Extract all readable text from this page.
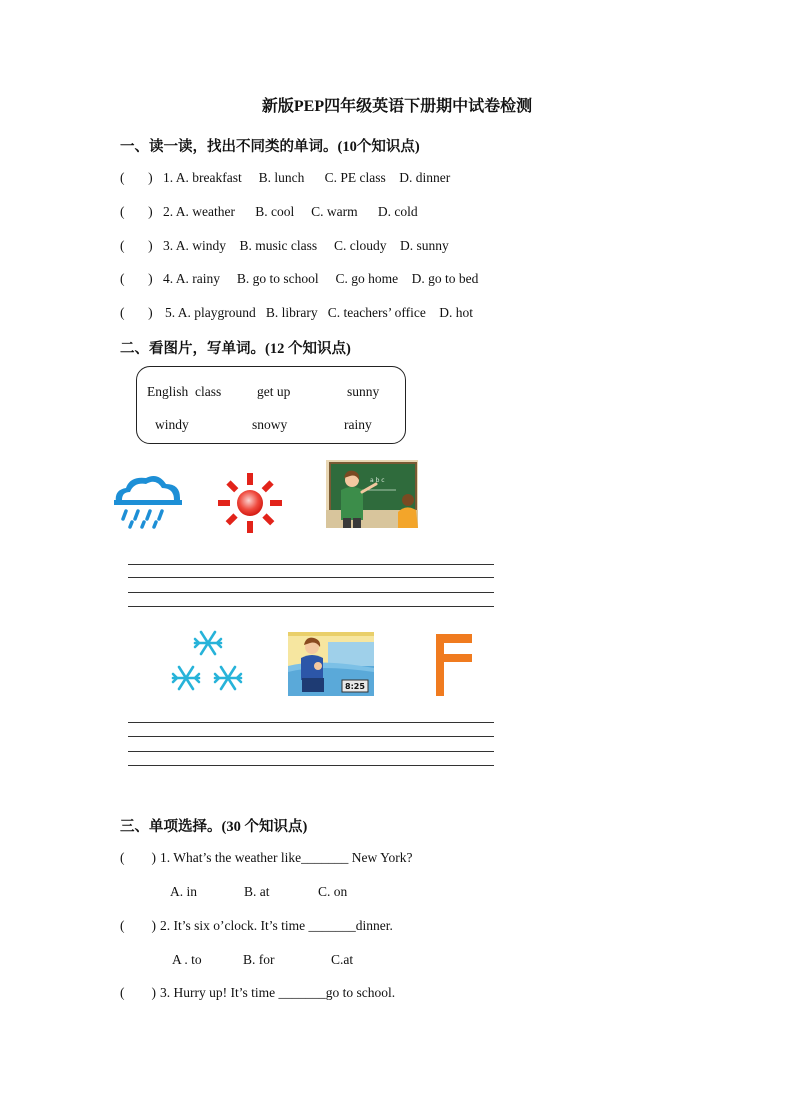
新版PEP四年级英语下册期中试卷检测
一、读一读，找出不同类的单词。(10个知识点)
(       ) 1. A. breakfast     B. lunch      C. PE class    D. dinner
(       ) 2. A. weather      B. cool     C. warm      D. cold
(       ) 3. A. windy    B. music class     C. cloudy    D. sunny
(       ) 4. A. rainy     B. go to school     C. go home    D. go to bed
(       ) 5. A. playground   B. library   C. teachers’ office    D. hot
二、看图片，写单词。(12 个知识点)
English  class	get up	sunny
windy	snowy	rainy
a b c
8:25
三、单项选择。(30 个知识点)
(        ) 1. What’s the weather like_______ New York?
A. in	B. at	C. on
(        ) 2. It’s six o’clock. It’s time _______dinner.
A . to	B. for	C.at
(        ) 3. Hurry up! It’s time _______go to school.
